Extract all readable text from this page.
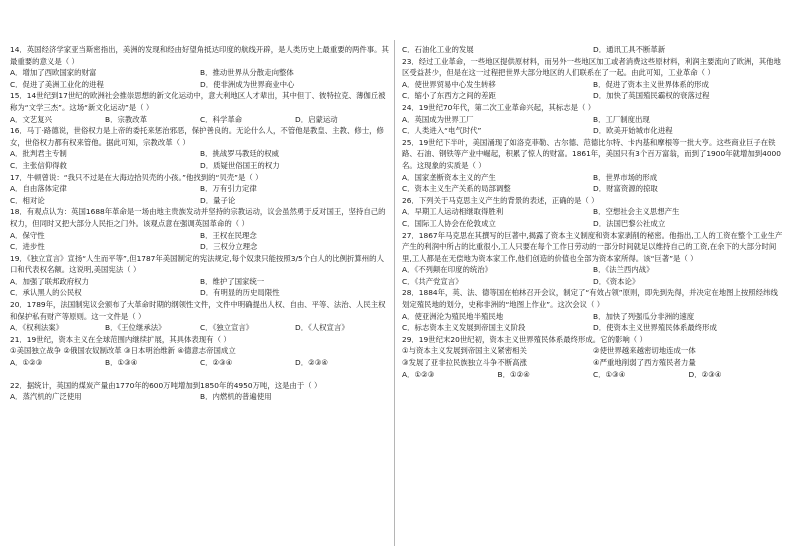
14．英国经济学家亚当斯密指出，美洲的发现和经由好望角抵达印度的航线开辟，是人类历史上最重要的两件事。其最重要的意义是（ ）
A．增加了西欧国家的财富	B．推动世界从分散走向整体
C．促进了美洲工业化的进程	D．使非洲成为世界商业中心
15．14世纪到17世纪的欧洲社会推崇思想的新文化运动中，意大利地区人才辈出，其中但丁、彼特拉克、薄伽丘被称为“文学三杰”。这场“新文化运动”是（ ）
A．文艺复兴	B．宗教改革	C．科学革命	D．启蒙运动
16．马丁·路德说，世俗权力是上帝的委托来惩治邪恶，保护善良的。无论什么人，不管他是教皇、主教、修士，修女，世俗权力都有权来管他。据此可知，宗教改革（ ）
A．批判君主专制	B．挑战罗马教廷的权威
C．主张信仰得救	D．质疑世俗国王的权力
17．牛顿曾说：“我只不过是在大海边拾贝壳的小孩。”他找到的“贝壳”是（ ）
A．自由落体定律	B．万有引力定律
C．相对论	D．量子论
18．有观点认为：英国1688年革命是一场由地主贵族发动并坚持的宗教运动，议会虽然勇于反对国王，坚持自己的权力，但同时又把大部分人民拒之门外。该观点意在强调英国革命的（ ）
A．保守性	B．王权在民理念
C．进步性	D．三权分立理念
19．《独立宣言》宣扬“人生而平等”,但1787年美国制定的宪法规定,每个奴隶只能按照3/5个白人的比例折算州的人口和代表权名额。这说明,美国宪法（ ）
A．加强了联邦政府权力	B．维护了国家统一
C．承认黑人的公民权	D．有明显的历史局限性
20．1789年，法国制宪议会颁布了大革命时期的纲领性文件，文件中明确提出人权、自由、平等、法治、人民主权和保护私有财产等原则。这一文件是（ ）
A．《权利法案》	B．《王位继承法》	C．《独立宣言》	D．《人权宣言》
21．19世纪，资本主义在全球范围内继续扩展，其具体表现有（ ）
①美国独立战争 ②俄国农奴制改革 ③日本明治维新 ④德意志帝国成立
A．①②③	B．①③④	C．②③④	D．②③④
22．据统计，英国的煤炭产量由1770年的600万吨增加到1850年的4950万吨，这是由于（ ）
A．蒸汽机的广泛使用	B．内燃机的普遍使用
C．石油化工业的发展	D．通讯工具不断革新
23．经过工业革命，一些地区提供原材料，而另外一些地区加工或者消费这些原材料，利润主要流向了欧洲，其他地区受益甚少，但是在这一过程把世界大部分地区的人们联系在了一起。由此可知，工业革命（ ）
A．使世界贸易中心发生转移	B．促进了资本主义世界体系的形成
C．缩小了东西方之间的差距	D．加快了英国殖民霸权的衰落过程
24．19世纪70年代，第二次工业革命兴起，其标志是（ ）
A．英国成为世界工厂	B．工厂制度出现
C．人类进入“电气时代”	D．欧美开始城市化进程
25．19世纪下半叶，美国涌现了如洛克菲勒、古尔德、范德比尔特、卡内基和摩根等一批大亨。这些商业巨子在铁路、石油、钢铁等产业中崛起，积累了惊人的财富。1861年，美国只有3个百万富翁，而到了1900年就增加到4000名。这现象的实质是（ ）
A．国家垄断资本主义的产生	B．世界市场的形成
C．资本主义生产关系的局部调整	D．财富资源的掠取
26．下列关于马克思主义产生的背景的表述，正确的是（ ）
A．早期工人运动相继取得胜利	B．空想社会主义思想产生
C．国际工人协会在伦敦成立	D．法国巴黎公社成立
27．1867年马克思在其撰写的巨著中,揭露了资本主义制度和资本家剥削的秘密。他指出,工人的工资在整个工业生产产生的利润中所占的比重很小,工人只要在每个工作日劳动的一部分时间就足以维持自己的工资,在余下的大部分时间里,工人都是在无偿地为资本家工作,他们创造的价值也全部为资本家所得。该“巨著”是（ ）
A．《不列颠在印度的统治》	B．《法兰西内战》
C．《共产党宣言》	D．《资本论》
28．1884年，英、法、德等国在柏林召开会议，制定了“有效占领”原则，即先到先得，并决定在地图上按照经纬线划定殖民地的划分，史称非洲的“地图上作业”。这次会议（ ）
A．使亚洲沦为殖民地半殖民地	B．加快了列强瓜分非洲的速度
C．标志资本主义发展到帝国主义阶段	D．使资本主义世界殖民体系最终形成
29．19世纪末20世纪初，资本主义世界殖民体系最终形成。它的影响（ ）
①与资本主义发展到帝国主义紧密相关	②使世界越来越密切地连成一体
③发展了亚非拉民族独立斗争不断高涨	④严重地削弱了西方殖民者力量
A．①②③	B．①②④	C．①③④	D．②③④
